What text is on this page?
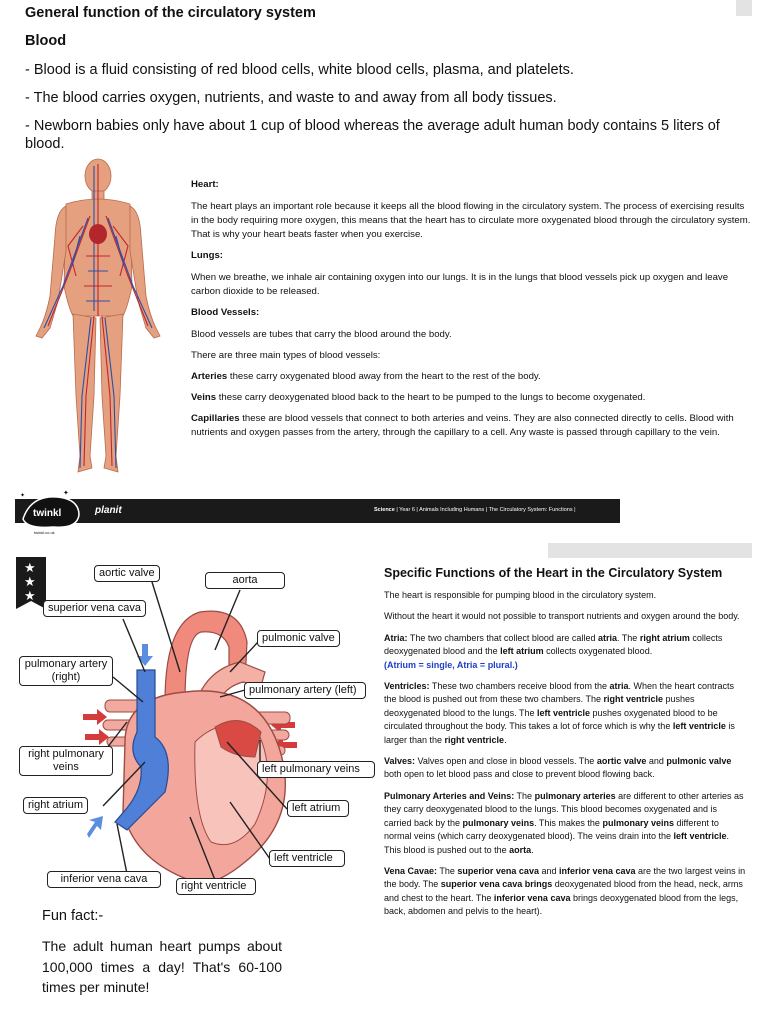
General function of the circulatory system
Blood

- Blood is a fluid consisting of red blood cells, white blood cells, plasma, and platelets.

- The blood carries oxygen, nutrients, and waste to and away from all body tissues.

- Newborn babies only have about 1 cup of blood whereas the average adult human body contains 5 liters of blood.

Heart:

The heart plays an important role because it keeps all the blood flowing in the circulatory system. The process of exercising results in the body requiring more oxygen, this means that the heart has to circulate more oxygenated blood through the circulatory system. That is why your heart beats faster when you exercise.

Lungs:

When we breathe, we inhale air containing oxygen into our lungs. It is in the lungs that blood vessels pick up oxygen and leave carbon dioxide to be released.

Blood Vessels:

Blood vessels are tubes that carry the blood around the body.

There are three main types of blood vessels:

Arteries these carry oxygenated blood away from the heart to the rest of the body.

Veins these carry deoxygenated blood back to the heart to be pumped to the lungs to become oxygenated.

Capillaries these are blood vessels that connect to both arteries and veins. They are also connected directly to cells. Blood with nutrients and oxygen passes from the artery, through the capillary to a cell. Any waste is passed through capillary to the vein.

twinkl
twinkl.co.uk
✦
✦
planit	Science | Year 6 | Animals Including Humans | The Circulatory System: Functions |
★
★
★
aortic valve
aorta
superior vena cava
pulmonic valve
pulmonary artery (right)
pulmonary artery (left)
right pulmonary veins	left pulmonary veins
right atrium	left atrium
left ventricle
inferior vena cava
right ventricle
Fun fact:-
The adult human heart pumps about 100,000 times a day! That's 60-100 times per minute!
Specific Functions of the Heart in the Circulatory System

The heart is responsible for pumping blood in the circulatory system.

Without the heart it would not possible to transport nutrients and oxygen around the body.

Atria: The two chambers that collect blood are called atria. The right atrium collects deoxygenated blood and the left atrium collects oxygenated blood.
(Atrium = single, Atria = plural.)

Ventricles: These two chambers receive blood from the atria. When the heart contracts the blood is pushed out from these two chambers. The right ventricle pushes deoxygenated blood to the lungs. The left ventricle pushes oxygenated blood to be circulated throughout the body. This takes a lot of force which is why the left ventricle is larger than the right ventricle.

Valves: Valves open and close in blood vessels. The aortic valve and pulmonic valve both open to let blood pass and close to prevent blood flowing back.

Pulmonary Arteries and Veins: The pulmonary arteries are different to other arteries as they carry deoxygenated blood to the lungs. This blood becomes oxygenated and is carried back by the pulmonary veins. This makes the pulmonary veins different to normal veins (which carry deoxygenated blood). The veins drain into the left ventricle. This blood is pushed out to the aorta.

Vena Cavae: The superior vena cava and inferior vena cava are the two largest veins in the body. The superior vena cava brings deoxygenated blood from the head, neck, arms and chest to the heart. The inferior vena cava brings deoxygenated blood from the legs, back, abdomen and pelvis to the heart).
